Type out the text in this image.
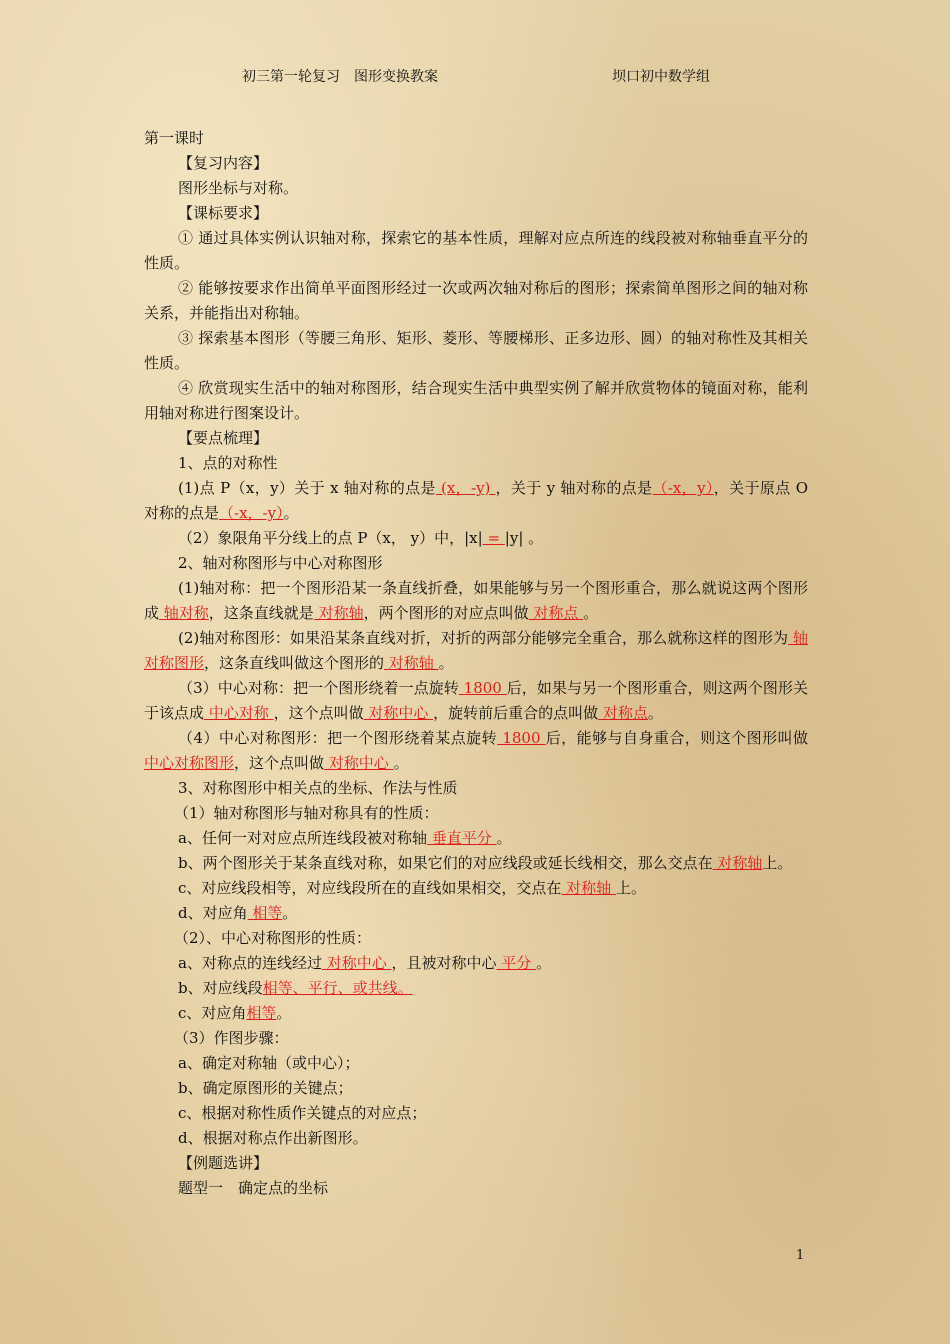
初三第一轮复习　图形变换教案	坝口初中数学组

第一课时

【复习内容】

图形坐标与对称。

【课标要求】

① 通过具体实例认识轴对称，探索它的基本性质，理解对应点所连的线段被对称轴垂直平分的性质。

② 能够按要求作出简单平面图形经过一次或两次轴对称后的图形；探索简单图形之间的轴对称关系，并能指出对称轴。

③ 探索基本图形（等腰三角形、矩形、菱形、等腰梯形、正多边形、圆）的轴对称性及其相关性质。

④ 欣赏现实生活中的轴对称图形，结合现实生活中典型实例了解并欣赏物体的镜面对称，能利用轴对称进行图案设计。

【要点梳理】

1、点的对称性

(1)点 P（x，y）关于 x 轴对称的点是 (x，-y) ，关于 y 轴对称的点是（-x，y），关于原点 O 对称的点是（-x，-y）。

（2）象限角平分线上的点 P（x， y）中，|x| = |y| 。

2、轴对称图形与中心对称图形

(1)轴对称：把一个图形沿某一条直线折叠，如果能够与另一个图形重合，那么就说这两个图形成 轴对称，这条直线就是 对称轴，两个图形的对应点叫做 对称点 。

(2)轴对称图形：如果沿某条直线对折，对折的两部分能够完全重合，那么就称这样的图形为 轴对称图形，这条直线叫做这个图形的 对称轴 。

（3）中心对称：把一个图形绕着一点旋转 1800 后，如果与另一个图形重合，则这两个图形关于该点成 中心对称 ，这个点叫做 对称中心 ，旋转前后重合的点叫做 对称点。

（4）中心对称图形：把一个图形绕着某点旋转 1800 后，能够与自身重合，则这个图形叫做 中心对称图形，这个点叫做 对称中心 。

3、对称图形中相关点的坐标、作法与性质

（1）轴对称图形与轴对称具有的性质：

a、任何一对对应点所连线段被对称轴 垂直平分 。

b、两个图形关于某条直线对称，如果它们的对应线段或延长线相交，那么交点在 对称轴上。

c、对应线段相等，对应线段所在的直线如果相交，交点在 对称轴 上。

d、对应角 相等。

（2）、中心对称图形的性质：

a、对称点的连线经过 对称中心 ，且被对称中心 平分 。

b、对应线段相等、平行、或共线。

c、对应角相等。

（3）作图步骤：

a、确定对称轴（或中心）；

b、确定原图形的关键点；

c、根据对称性质作关键点的对应点；

d、根据对称点作出新图形。

【例题选讲】

题型一　确定点的坐标

1
